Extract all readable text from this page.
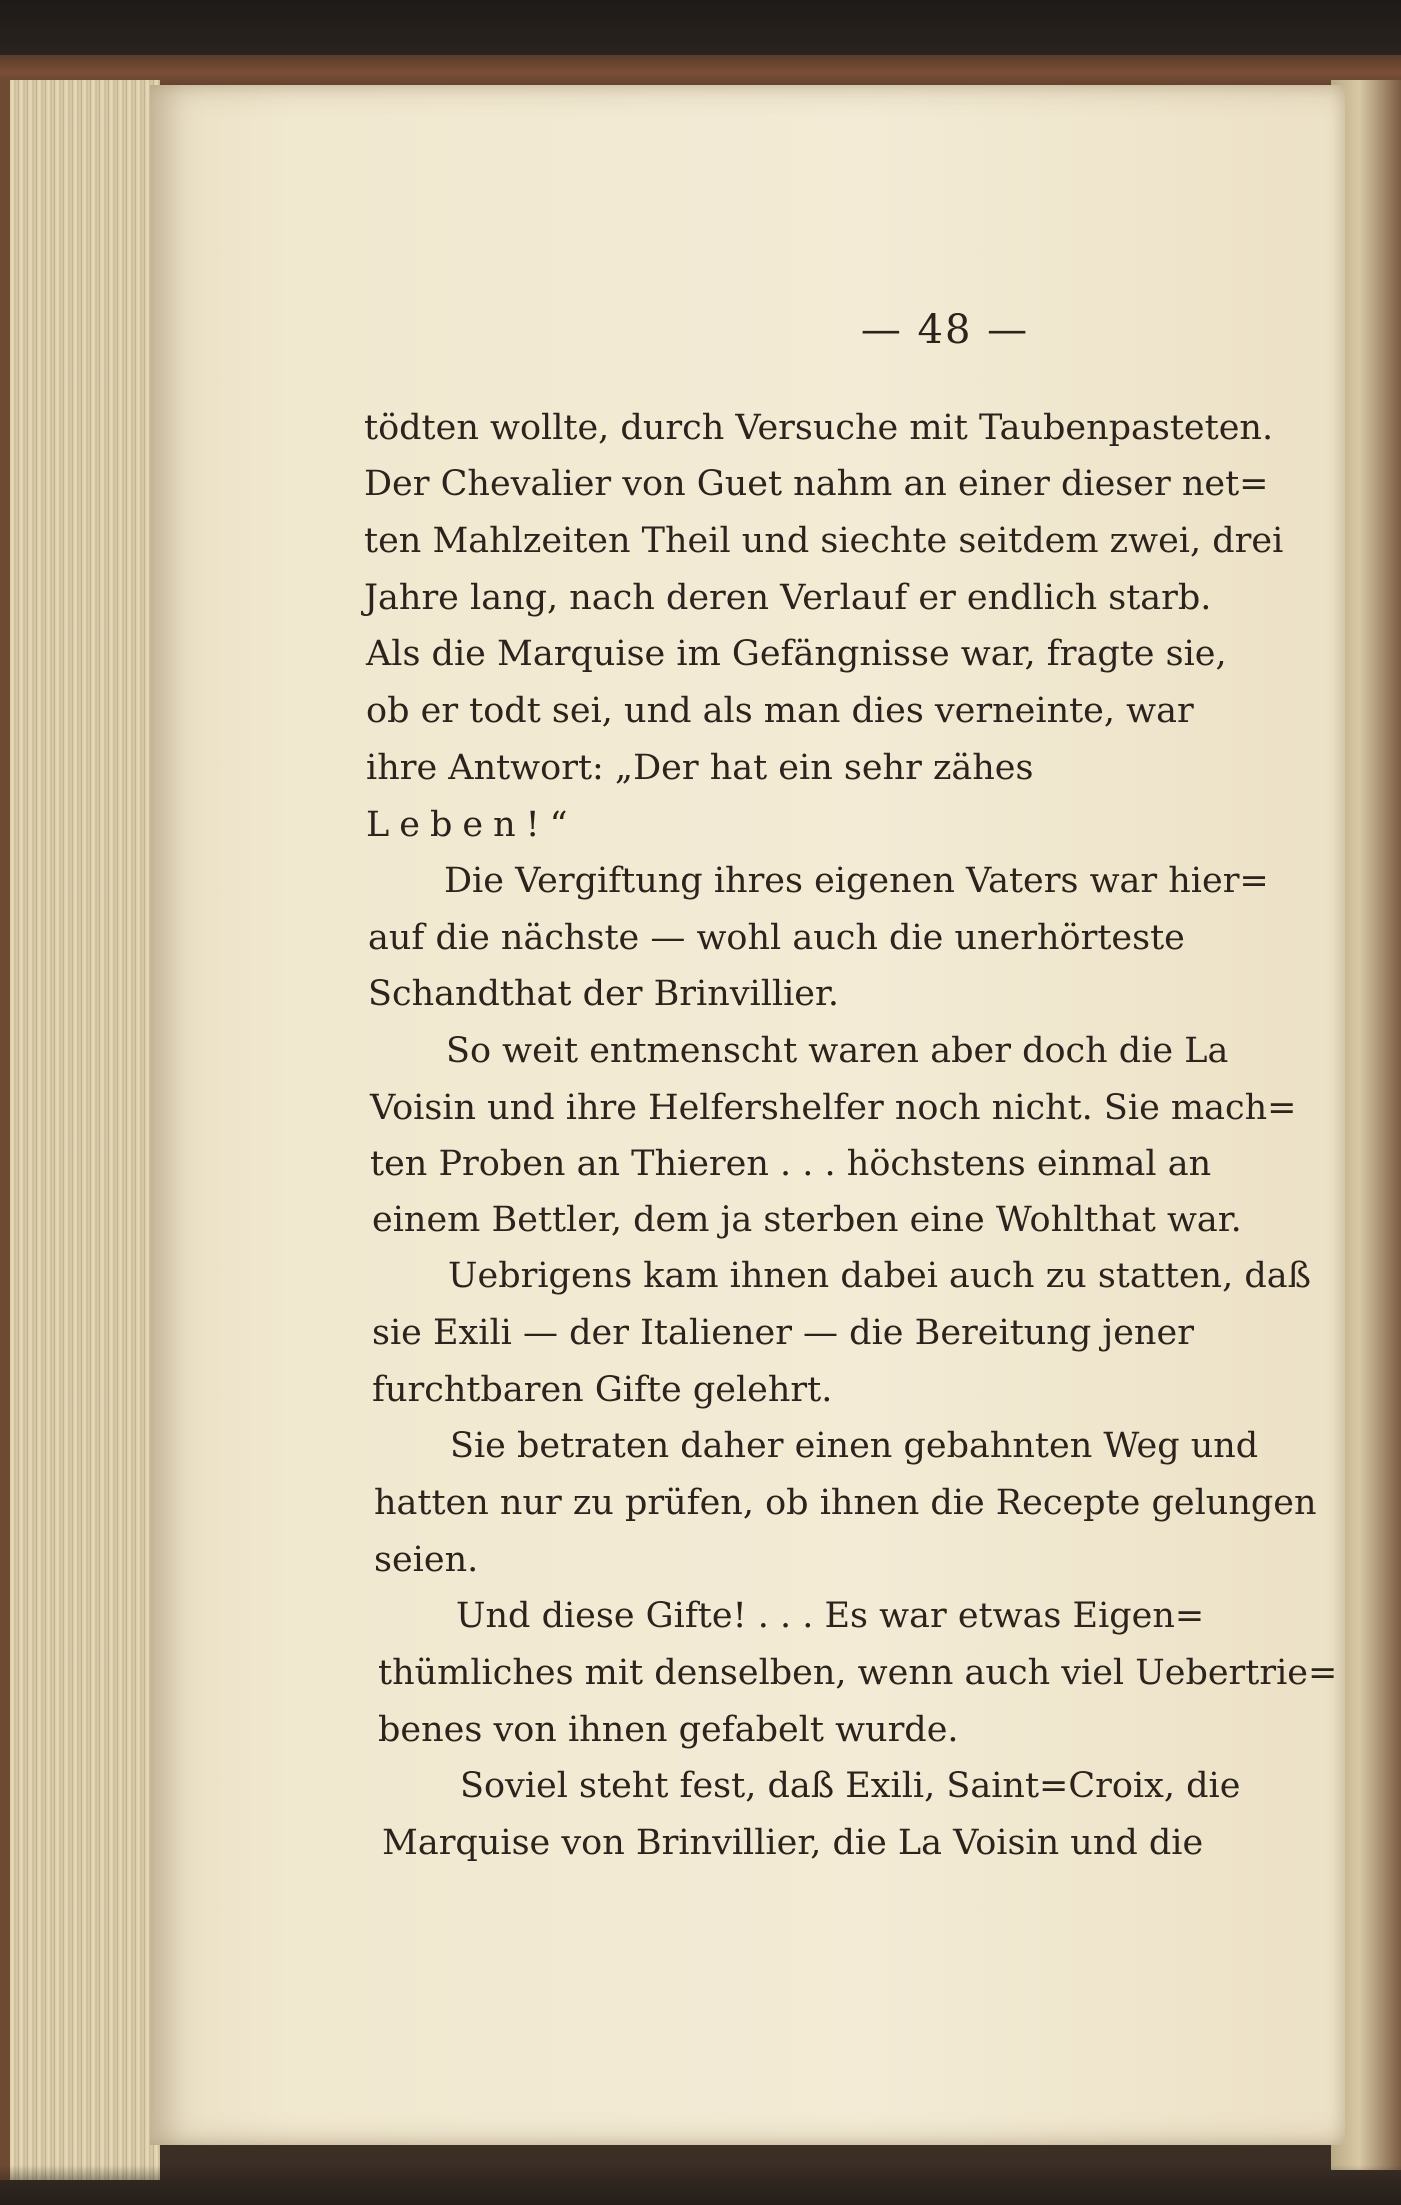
— 48 —
tödten wollte, durch Versuche mit Taubenpasteten.
Der Chevalier von Guet nahm an einer dieser net=
ten Mahlzeiten Theil und siechte seitdem zwei, drei
Jahre lang, nach deren Verlauf er endlich starb.
Als die Marquise im Gefängnisse war, fragte sie,
ob er todt sei, und als man dies verneinte, war
ihre Antwort: „Der hat ein sehr zähes
Leben!“
Die Vergiftung ihres eigenen Vaters war hier=
auf die nächste — wohl auch die unerhörteste
Schandthat der Brinvillier.
So weit entmenscht waren aber doch die La
Voisin und ihre Helfershelfer noch nicht. Sie mach=
ten Proben an Thieren . . . höchstens einmal an
einem Bettler, dem ja sterben eine Wohlthat war.
Uebrigens kam ihnen dabei auch zu statten, daß
sie Exili — der Italiener — die Bereitung jener
furchtbaren Gifte gelehrt.
Sie betraten daher einen gebahnten Weg und
hatten nur zu prüfen, ob ihnen die Recepte gelungen
seien.
Und diese Gifte! . . . Es war etwas Eigen=
thümliches mit denselben, wenn auch viel Uebertrie=
benes von ihnen gefabelt wurde.
Soviel steht fest, daß Exili, Saint=Croix, die
Marquise von Brinvillier, die La Voisin und die
